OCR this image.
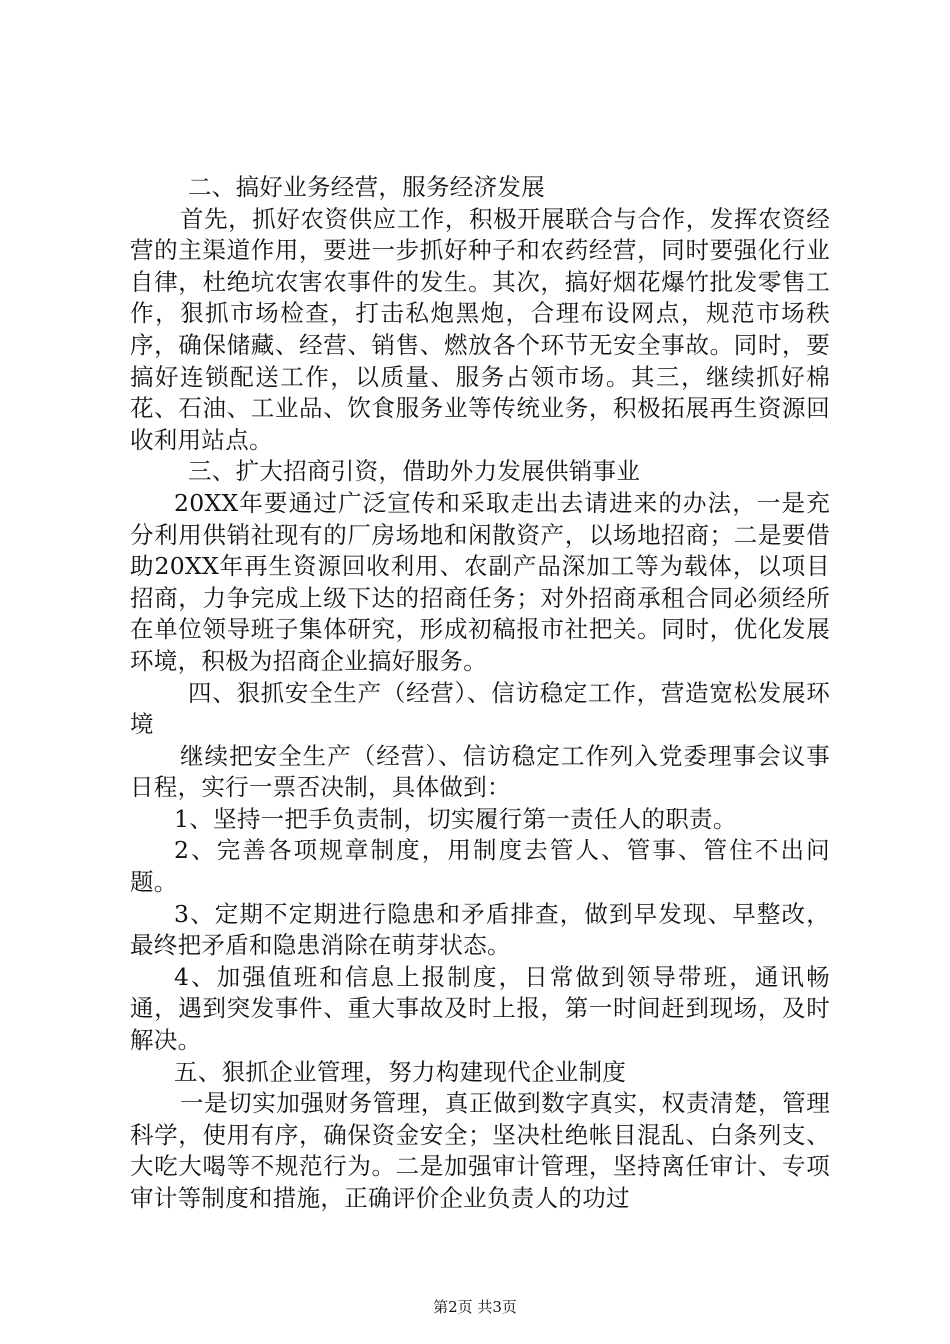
二、搞好业务经营，服务经济发展

首先，抓好农资供应工作，积极开展联合与合作，发挥农资经营的主渠道作用，要进一步抓好种子和农药经营，同时要强化行业自律，杜绝坑农害农事件的发生。其次，搞好烟花爆竹批发零售工作，狠抓市场检查，打击私炮黑炮，合理布设网点，规范市场秩序，确保储藏、经营、销售、燃放各个环节无安全事故。同时，要搞好连锁配送工作，以质量、服务占领市场。其三，继续抓好棉花、石油、工业品、饮食服务业等传统业务，积极拓展再生资源回收利用站点。

三、扩大招商引资，借助外力发展供销事业

20XX年要通过广泛宣传和采取走出去请进来的办法，一是充分利用供销社现有的厂房场地和闲散资产，以场地招商；二是要借助20XX年再生资源回收利用、农副产品深加工等为载体，以项目招商，力争完成上级下达的招商任务；对外招商承租合同必须经所在单位领导班子集体研究，形成初稿报市社把关。同时，优化发展环境，积极为招商企业搞好服务。

四、狠抓安全生产（经营）、信访稳定工作，营造宽松发展环境

继续把安全生产（经营）、信访稳定工作列入党委理事会议事日程，实行一票否决制，具体做到：

1、坚持一把手负责制，切实履行第一责任人的职责。

2、完善各项规章制度，用制度去管人、管事、管住不出问题。

3、定期不定期进行隐患和矛盾排查，做到早发现、早整改，最终把矛盾和隐患消除在萌芽状态。

4、加强值班和信息上报制度，日常做到领导带班，通讯畅通，遇到突发事件、重大事故及时上报，第一时间赶到现场，及时解决。

五、狠抓企业管理，努力构建现代企业制度

一是切实加强财务管理，真正做到数字真实，权责清楚，管理科学，使用有序，确保资金安全；坚决杜绝帐目混乱、白条列支、大吃大喝等不规范行为。二是加强审计管理，坚持离任审计、专项审计等制度和措施，正确评价企业负责人的功过

第2页 共3页
